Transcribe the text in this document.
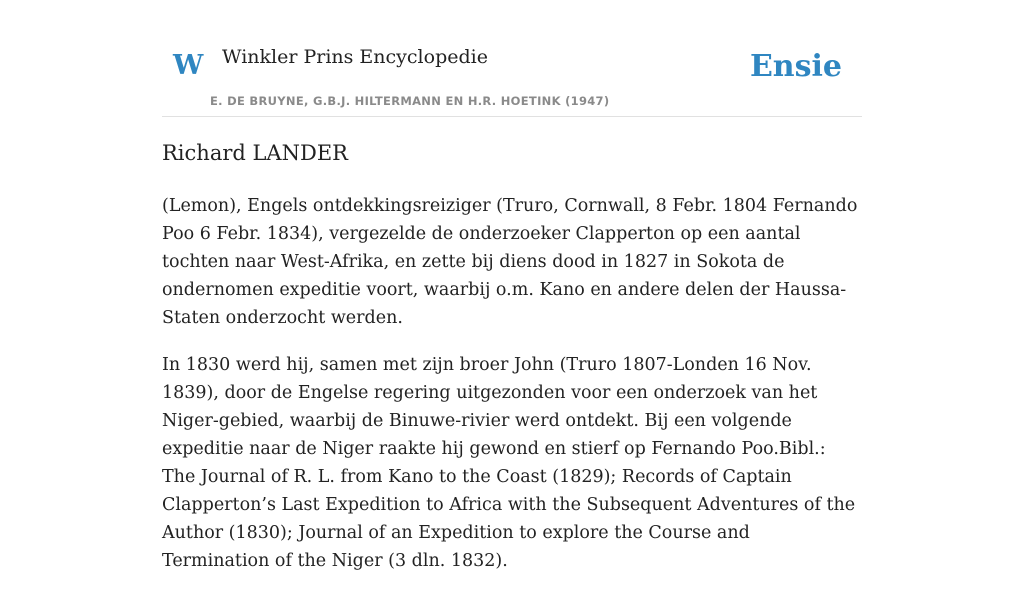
W Winkler Prins Encyclopedie
E. DE BRUYNE, G.B.J. HILTERMANN EN H.R. HOETINK (1947)
Ensie
Richard LANDER

(Lemon), Engels ontdekkingsreiziger (Truro, Cornwall, 8 Febr. 1804 Fernando Poo 6 Febr. 1834), vergezelde de onderzoeker Clapperton op een aantal tochten naar West-Afrika, en zette bij diens dood in 1827 in Sokota de ondernomen expeditie voort, waarbij o.m. Kano en andere delen der Haussa-Staten onderzocht werden.

In 1830 werd hij, samen met zijn broer John (Truro 1807-Londen 16 Nov. 1839), door de Engelse regering uitgezonden voor een onderzoek van het Niger-gebied, waarbij de Binuwe-rivier werd ontdekt. Bij een volgende expeditie naar de Niger raakte hij gewond en stierf op Fernando Poo.Bibl.: The Journal of R. L. from Kano to the Coast (1829); Records of Captain Clapperton’s Last Expedition to Africa with the Subsequent Adventures of the Author (1830); Journal of an Expedition to explore the Course and Termination of the Niger (3 dln. 1832).
